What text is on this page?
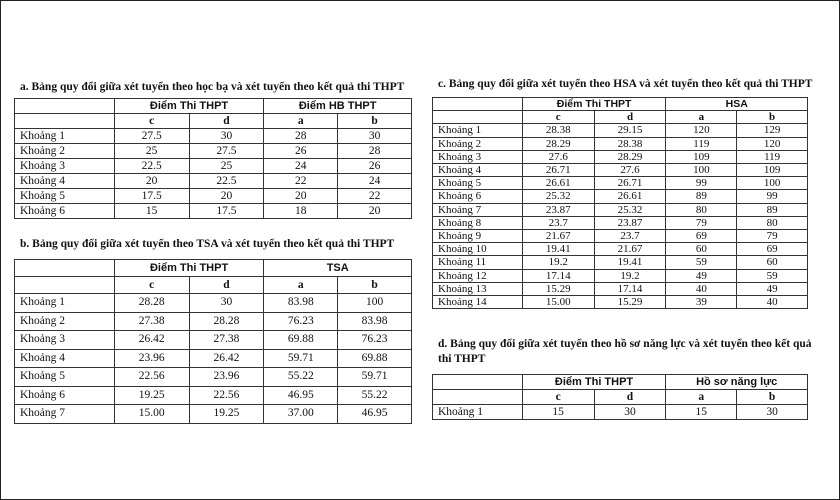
a. Bảng quy đổi giữa xét tuyển theo học bạ và xét tuyển theo kết quả thi THPT
	Điểm Thi THPT		Điểm HB THPT	
	c	d	a	b
Khoảng 1	27.5	30	28	30
Khoảng 2	25	27.5	26	28
Khoảng 3	22.5	25	24	26
Khoảng 4	20	22.5	22	24
Khoảng 5	17.5	20	20	22
Khoảng 6	15	17.5	18	20
b. Bảng quy đổi giữa xét tuyển theo TSA và xét tuyển theo kết quả thi THPT
	Điểm Thi THPT		TSA	
	c	d	a	b
Khoảng 1	28.28	30	83.98	100
Khoảng 2	27.38	28.28	76.23	83.98
Khoảng 3	26.42	27.38	69.88	76.23
Khoảng 4	23.96	26.42	59.71	69.88
Khoảng 5	22.56	23.96	55.22	59.71
Khoảng 6	19.25	22.56	46.95	55.22
Khoảng 7	15.00	19.25	37.00	46.95
c. Bảng quy đổi giữa xét tuyển theo HSA và xét tuyển theo kết quả thi THPT
	Điểm Thi THPT		HSA	
	c	d	a	b
Khoảng 1	28.38	29.15	120	129
Khoảng 2	28.29	28.38	119	120
Khoảng 3	27.6	28.29	109	119
Khoảng 4	26.71	27.6	100	109
Khoảng 5	26.61	26.71	99	100
Khoảng 6	25.32	26.61	89	99
Khoảng 7	23.87	25.32	80	89
Khoảng 8	23.7	23.87	79	80
Khoảng 9	21.67	23.7	69	79
Khoảng 10	19.41	21.67	60	69
Khoảng 11	19.2	19.41	59	60
Khoảng 12	17.14	19.2	49	59
Khoảng 13	15.29	17.14	40	49
Khoảng 14	15.00	15.29	39	40
d. Bảng quy đổi giữa xét tuyển theo hồ sơ năng lực và xét tuyển theo kết quả thi THPT
	Điểm Thi THPT		Hồ sơ năng lực	
	c	d	a	b
Khoảng 1	15	30	15	30
